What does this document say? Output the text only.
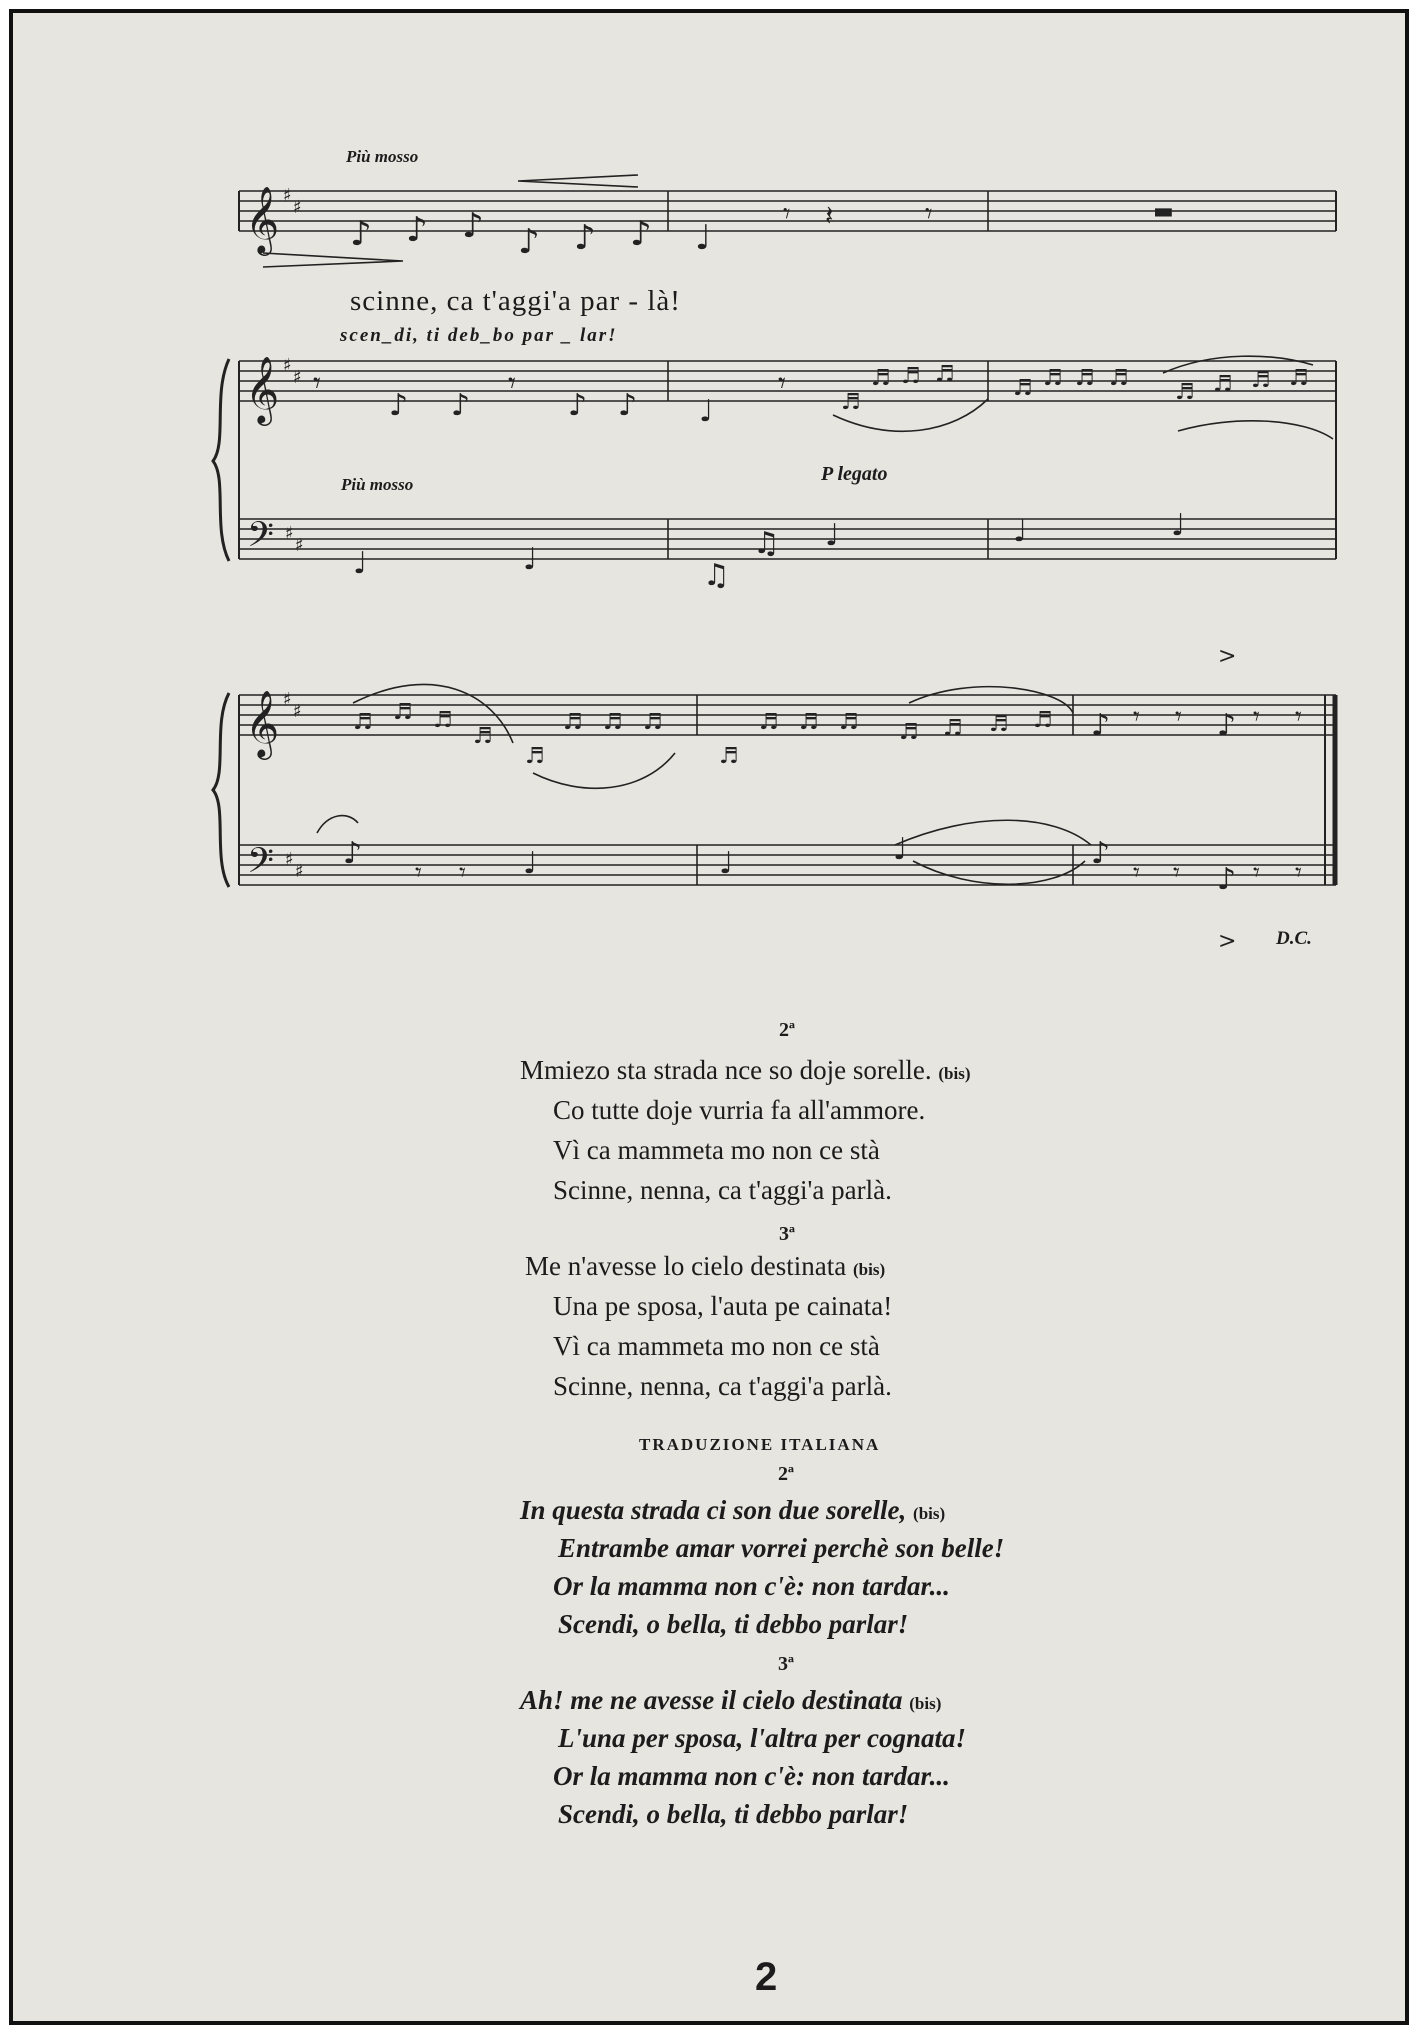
𝄞
𝄞
𝄢
𝄞
𝄢
♯
♯
♯
♯
♯
♯
♯
♯
♯
♯
♪ ♪ ♪ ♪ ♪ ♪ ♩
▬
𝄾 𝄽	𝄾
𝄾
♪ ♪
𝄾
♪ ♪ ♩
𝄾
♬
♬ ♬ ♬
♬ ♬ ♬ ♬
♬ ♬ ♬ ♬
♩	♩	♫
♫ ♩	♩	♩
♬ ♬ ♬
♬
♬
♬ ♬ ♬
♬
♬ ♬ ♬ ♬ ♬ ♬ ♬ ♪	♪
𝄾 𝄾	𝄾 𝄾
♪	♩	♩	♩	♪
♪
𝄾 𝄾	𝄾 𝄾	𝄾 𝄾
>
>
Più mosso
scinne, ca t'aggi'a par - là!
scen_di, ti deb_bo par _ lar!
Più mosso	P legato
D.C.
2ª
Mmiezo sta strada nce so doje sorelle. (bis)
Co tutte doje vurria fa all'ammore.
Vì ca mammeta mo non ce stà
Scinne, nenna, ca t'aggi'a parlà.
3ª
Me n'avesse lo cielo destinata (bis)
Una pe sposa, l'auta pe cainata!
Vì ca mammeta mo non ce stà
Scinne, nenna, ca t'aggi'a parlà.
TRADUZIONE ITALIANA
2ª
In questa strada ci son due sorelle, (bis)
Entrambe amar vorrei perchè son belle!
Or la mamma non c'è: non tardar...
Scendi, o bella, ti debbo parlar!
3ª
Ah! me ne avesse il cielo destinata (bis)
L'una per sposa, l'altra per cognata!
Or la mamma non c'è: non tardar...
Scendi, o bella, ti debbo parlar!
2
